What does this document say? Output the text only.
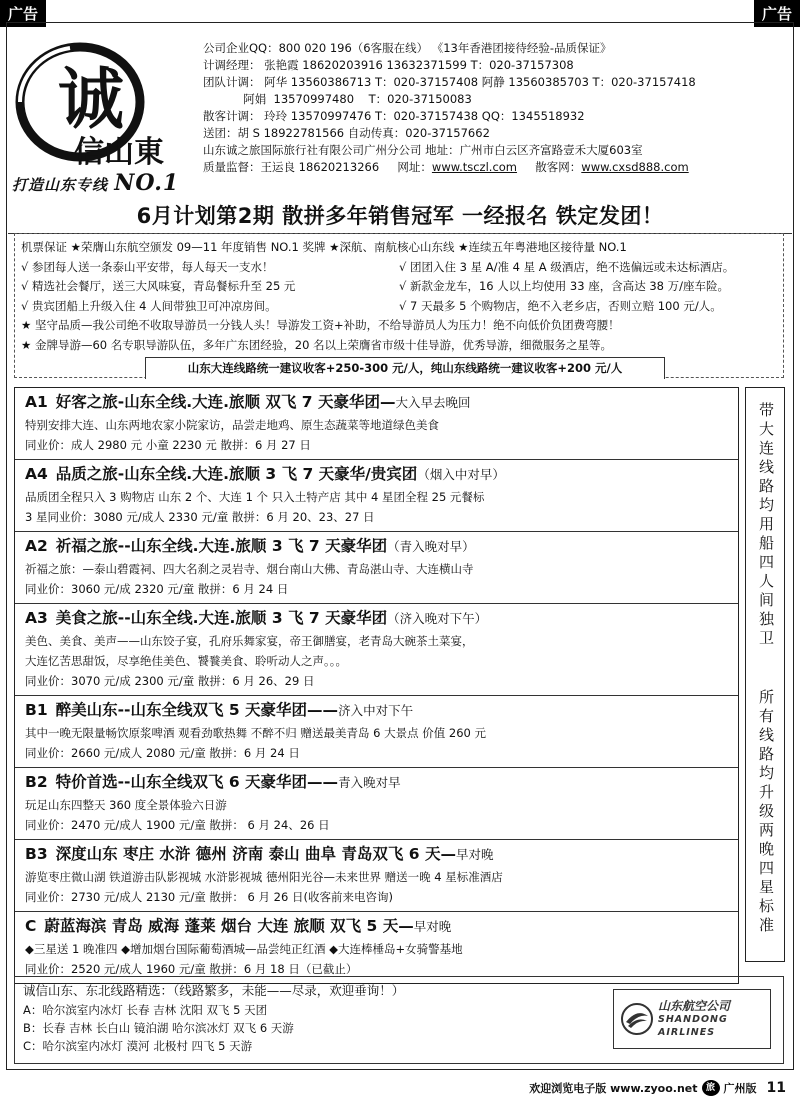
广告	广告
诚
信山東
打造山东专线 NO.1
公司企业QQ：800 020 196（6客服在线） 《13年香港团接待经验-品质保证》
计调经理： 张艳霞 18620203916 13632371599 T：020-37157308
团队计调： 阿华 13560386713 T：020-37157408 阿静 13560385703 T：020-37157418
阿娟  13570997480    T：020-37150083
散客计调： 玲玲 13570997476 T：020-37157438 QQ：1345518932
送团：胡 S 18922781566 自动传真：020-37157662
山东诚之旅国际旅行社有限公司广州分公司 地址：广州市白云区齐富路壹禾大厦603室
质量监督：王运良 18620213266 网址：www.tsczl.com 散客网：www.cxsd888.com
6月计划第2期 散拼多年销售冠军 一经报名 铁定发团！
机票保证 ★荣膺山东航空颁发 09—11 年度销售 NO.1 奖牌 ★深航、南航核心山东线 ★连续五年粤港地区接待量 NO.1
√ 参团每人送一条泰山平安带，每人每天一支水！	√ 团团入住 3 星 A/准 4 星 A 级酒店，绝不选偏远或未达标酒店。
√ 精选社会餐厅，送三大风味宴，青岛餐标升至 25 元	√ 新款金龙车，16 人以上均使用 33 座，含高达 38 万/座车险。
√ 贵宾团船上升级入住 4 人间带独卫可冲凉房间。	√ 7 天最多 5 个购物店，绝不入老乡店，否则立赔 100 元/人。
★ 坚守品质—我公司绝不收取导游员一分钱人头！导游发工资+补助，不给导游员人为压力！绝不向低价负团费弯腰！
★ 金牌导游—60 名专职导游队伍，多年广东团经验，20 名以上荣膺省市级十佳导游，优秀导游，细微服务之星等。
山东大连线路统一建议收客+250-300 元/人，纯山东线路统一建议收客+200 元/人
A1 好客之旅-山东全线.大连.旅顺 双飞 7 天豪华团—大入早去晚回
特别安排大连、山东两地农家小院家访，品尝走地鸡、原生态蔬菜等地道绿色美食
同业价：成人 2980 元 小童 2230 元 散拼：6 月 27 日
A4 品质之旅-山东全线.大连.旅顺 3 飞 7 天豪华/贵宾团（烟入中对早）
品质团全程只入 3 购物店 山东 2 个、大连 1 个 只入土特产店 其中 4 星团全程 25 元餐标
3 星同业价：3080 元/成人 2330 元/童 散拼：6 月 20、23、27 日
A2 祈福之旅--山东全线.大连.旅顺 3 飞 7 天豪华团（青入晚对早）
祈福之旅：—泰山碧霞祠、四大名刹之灵岩寺、烟台南山大佛、青岛湛山寺、大连横山寺
同业价：3060 元/成 2320 元/童 散拼：6 月 24 日
A3 美食之旅--山东全线.大连.旅顺 3 飞 7 天豪华团（济入晚对下午）
美色、美食、美声——山东饺子宴，孔府乐舞家宴，帝王御膳宴，老青岛大碗茶土菜宴，
大连忆苦思甜饭，尽享绝佳美色、饕餮美食、聆听动人之声。。。
同业价：3070 元/成 2300 元/童 散拼：6 月 26、29 日
B1 醉美山东--山东全线双飞 5 天豪华团——济入中对下午
其中一晚无限量畅饮原浆啤酒 观看劲歌热舞 不醉不归 赠送最美青岛 6 大景点 价值 260 元
同业价：2660 元/成人 2080 元/童 散拼：6 月 24 日
B2 特价首选--山东全线双飞 6 天豪华团——青入晚对早
玩足山东四整天 360 度全景体验六日游
同业价：2470 元/成人 1900 元/童 散拼： 6 月 24、26 日
B3 深度山东 枣庄 水浒 德州 济南 泰山 曲阜 青岛双飞 6 天—早对晚
游览枣庄微山湖 铁道游击队影视城 水浒影视城 德州阳光谷—未来世界 赠送一晚 4 星标准酒店
同业价：2730 元/成人 2130 元/童 散拼： 6 月 26 日(收客前来电咨询)
C 蔚蓝海滨 青岛 威海 蓬莱 烟台 大连 旅顺 双飞 5 天—早对晚
◆三星送 1 晚准四 ◆增加烟台国际葡萄酒城—品尝纯正红酒 ◆大连棒棰岛+女骑警基地
同业价：2520 元/成人 1960 元/童 散拼：6 月 18 日（已截止）
带大连线路均用船四人间独卫
所有线路均升级两晚四星标准
诚信山东、东北线路精选：（线路繁多，未能——尽录，欢迎垂询！）
A：哈尔滨室内冰灯 长春 吉林 沈阳 双飞 5 天团
B：长春 吉林 长白山 镜泊湖 哈尔滨冰灯 双飞 6 天游
C：哈尔滨室内冰灯 漠河 北极村 四飞 5 天游
山东航空公司
SHANDONG
AIRLINES
欢迎浏览电子版 www.zyoo.net 旅 广州版 11
